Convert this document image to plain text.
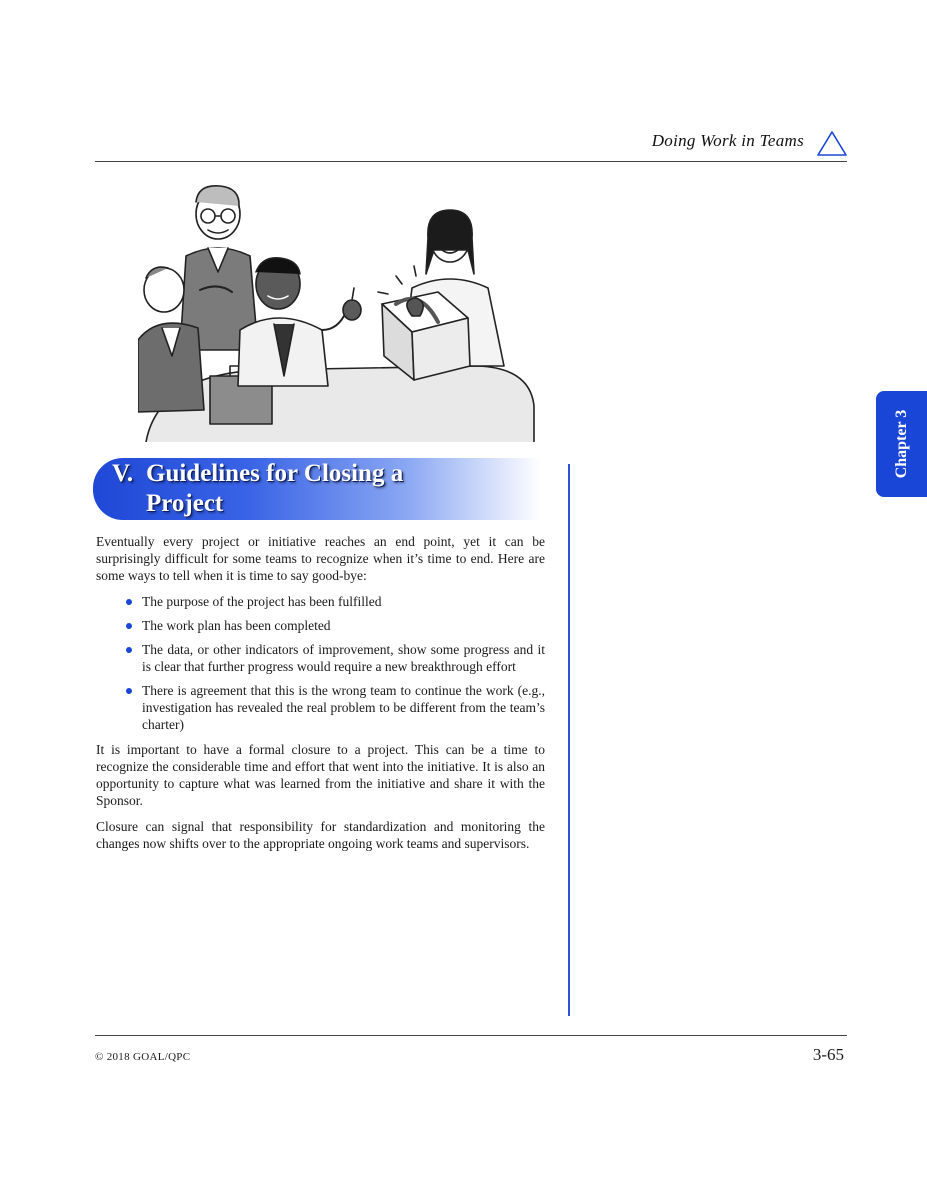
Doing Work in Teams
Chapter 3
V. Guidelines for Closing a
Project

Eventually every project or initiative reaches an end point, yet it can be surprisingly difficult for some teams to recognize when it’s time to end. Here are some ways to tell when it is time to say good-bye:

The purpose of the project has been fulfilled
The work plan has been completed
The data, or other indicators of improvement, show some progress and it is clear that further progress would require a new breakthrough effort
There is agreement that this is the wrong team to continue the work (e.g., investigation has revealed the real problem to be different from the team’s charter)

It is important to have a formal closure to a project. This can be a time to recognize the considerable time and effort that went into the initiative. It is also an opportunity to capture what was learned from the initiative and share it with the Sponsor.

Closure can signal that responsibility for standardization and monitoring the changes now shifts over to the appropriate ongoing work teams and supervisors.

© 2018 GOAL/QPC	3-65
